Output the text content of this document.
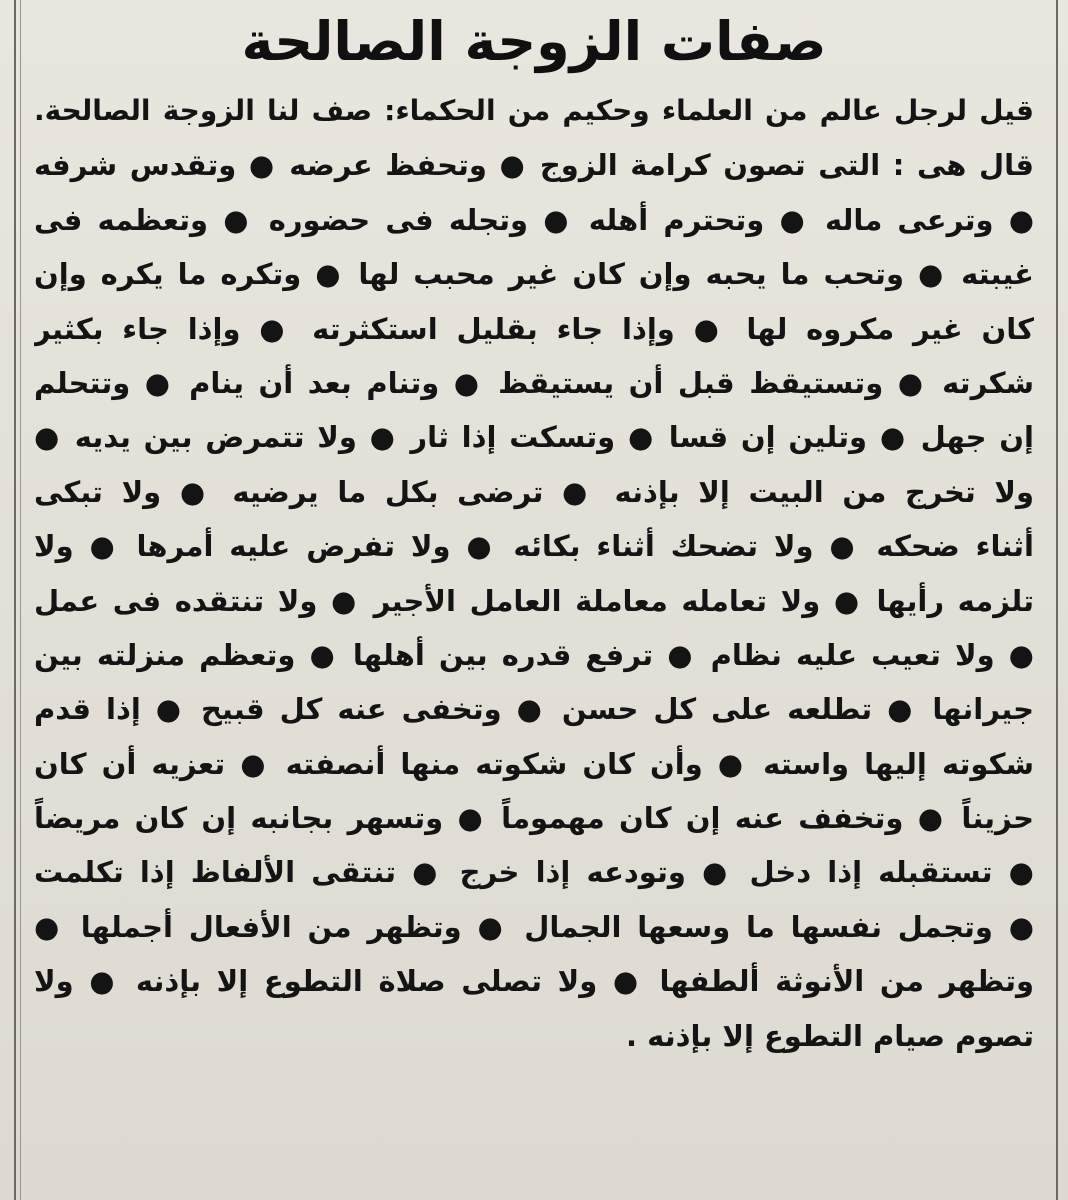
صفات الزوجة الصالحة
قيل لرجل عالم من العلماء وحكيم من الحكماء: صف لنا الزوجة الصالحة.
قال هى : التى تصون كرامة الزوج ● وتحفظ عرضه ● وتقدس شرفه
● وترعى ماله ● وتحترم أهله ● وتجله فى حضوره ● وتعظمه فى
غيبته ● وتحب ما يحبه وإن كان غير محبب لها ● وتكره ما يكره وإن
كان غير مكروه لها ● وإذا جاء بقليل استكثرته ● وإذا جاء بكثير
شكرته ● وتستيقظ قبل أن يستيقظ ● وتنام بعد أن ينام ● وتتحلم
إن جهل ● وتلين إن قسا ● وتسكت إذا ثار ● ولا تتمرض بين يديه ●
ولا تخرج من البيت إلا بإذنه ● ترضى بكل ما يرضيه ● ولا تبكى
أثناء ضحكه ● ولا تضحك أثناء بكائه ● ولا تفرض عليه أمرها ● ولا
تلزمه رأيها ● ولا تعامله معاملة العامل الأجير ● ولا تنتقده فى عمل
● ولا تعيب عليه نظام ● ترفع قدره بين أهلها ● وتعظم منزلته بين
جيرانها ● تطلعه على كل حسن ● وتخفى عنه كل قبيح ● إذا قدم
شكوته إليها واسته ● وأن كان شكوته منها أنصفته ● تعزيه أن كان
حزيناً ● وتخفف عنه إن كان مهموماً ● وتسهر بجانبه إن كان مريضاً
● تستقبله إذا دخل ● وتودعه إذا خرج ● تنتقى الألفاظ إذا تكلمت
● وتجمل نفسها ما وسعها الجمال ● وتظهر من الأفعال أجملها ●
وتظهر من الأنوثة ألطفها ● ولا تصلى صلاة التطوع إلا بإذنه ● ولا
تصوم صيام التطوع إلا بإذنه .
